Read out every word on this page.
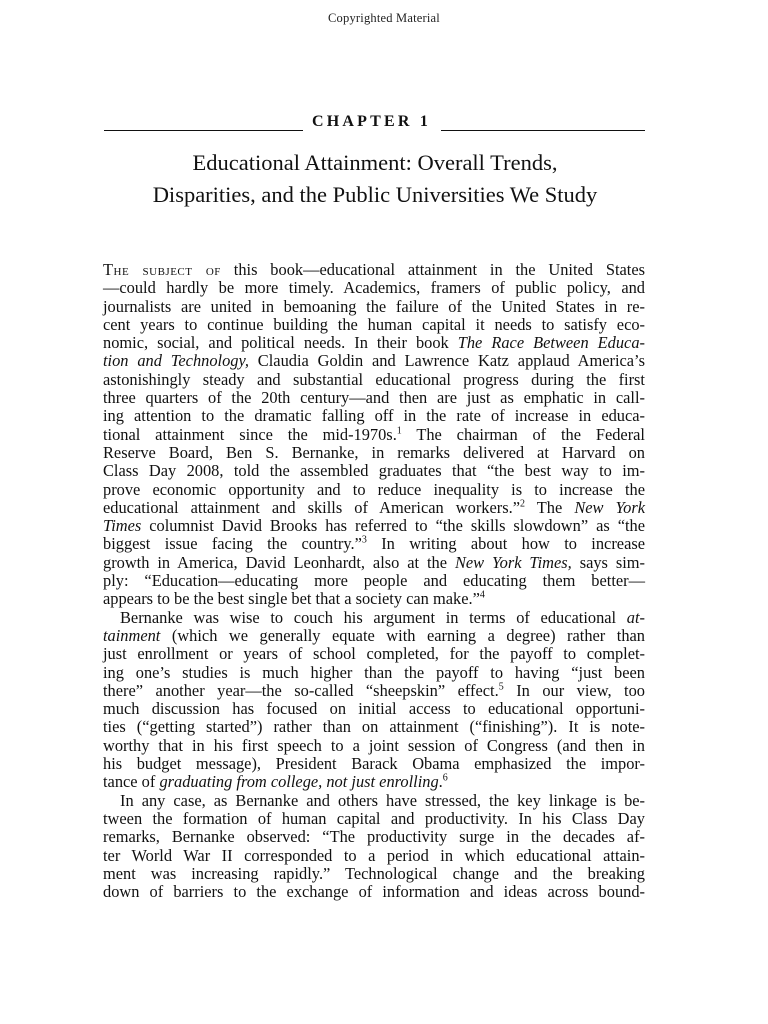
Copyrighted Material
CHAPTER 1
Educational Attainment: Overall Trends,
Disparities, and the Public Universities We Study
The subject of this book—educational attainment in the United States
—could hardly be more timely. Academics, framers of public policy, and
journalists are united in bemoaning the failure of the United States in re-
cent years to continue building the human capital it needs to satisfy eco-
nomic, social, and political needs. In their book The Race Between Educa-
tion and Technology, Claudia Goldin and Lawrence Katz applaud America’s
astonishingly steady and substantial educational progress during the first
three quarters of the 20th century—and then are just as emphatic in call-
ing attention to the dramatic falling off in the rate of increase in educa-
tional attainment since the mid-1970s.$^1$ The chairman of the Federal
Reserve Board, Ben S. Bernanke, in remarks delivered at Harvard on
Class Day 2008, told the assembled graduates that “the best way to im-
prove economic opportunity and to reduce inequality is to increase the
educational attainment and skills of American workers.”$^2$ The New York
Times columnist David Brooks has referred to “the skills slowdown” as “the
biggest issue facing the country.”$^3$ In writing about how to increase
growth in America, David Leonhardt, also at the New York Times, says sim-
ply: “Education—educating more people and educating them better—
appears to be the best single bet that a society can make.”$^4$
Bernanke was wise to couch his argument in terms of educational at-
tainment (which we generally equate with earning a degree) rather than
just enrollment or years of school completed, for the payoff to complet-
ing one’s studies is much higher than the payoff to having “just been
there” another year—the so-called “sheepskin” effect.$^5$ In our view, too
much discussion has focused on initial access to educational opportuni-
ties (“getting started”) rather than on attainment (“finishing”). It is note-
worthy that in his first speech to a joint session of Congress (and then in
his budget message), President Barack Obama emphasized the impor-
tance of graduating from college, not just enrolling.$^6$
In any case, as Bernanke and others have stressed, the key linkage is be-
tween the formation of human capital and productivity. In his Class Day
remarks, Bernanke observed: “The productivity surge in the decades af-
ter World War II corresponded to a period in which educational attain-
ment was increasing rapidly.” Technological change and the breaking
down of barriers to the exchange of information and ideas across bound-
